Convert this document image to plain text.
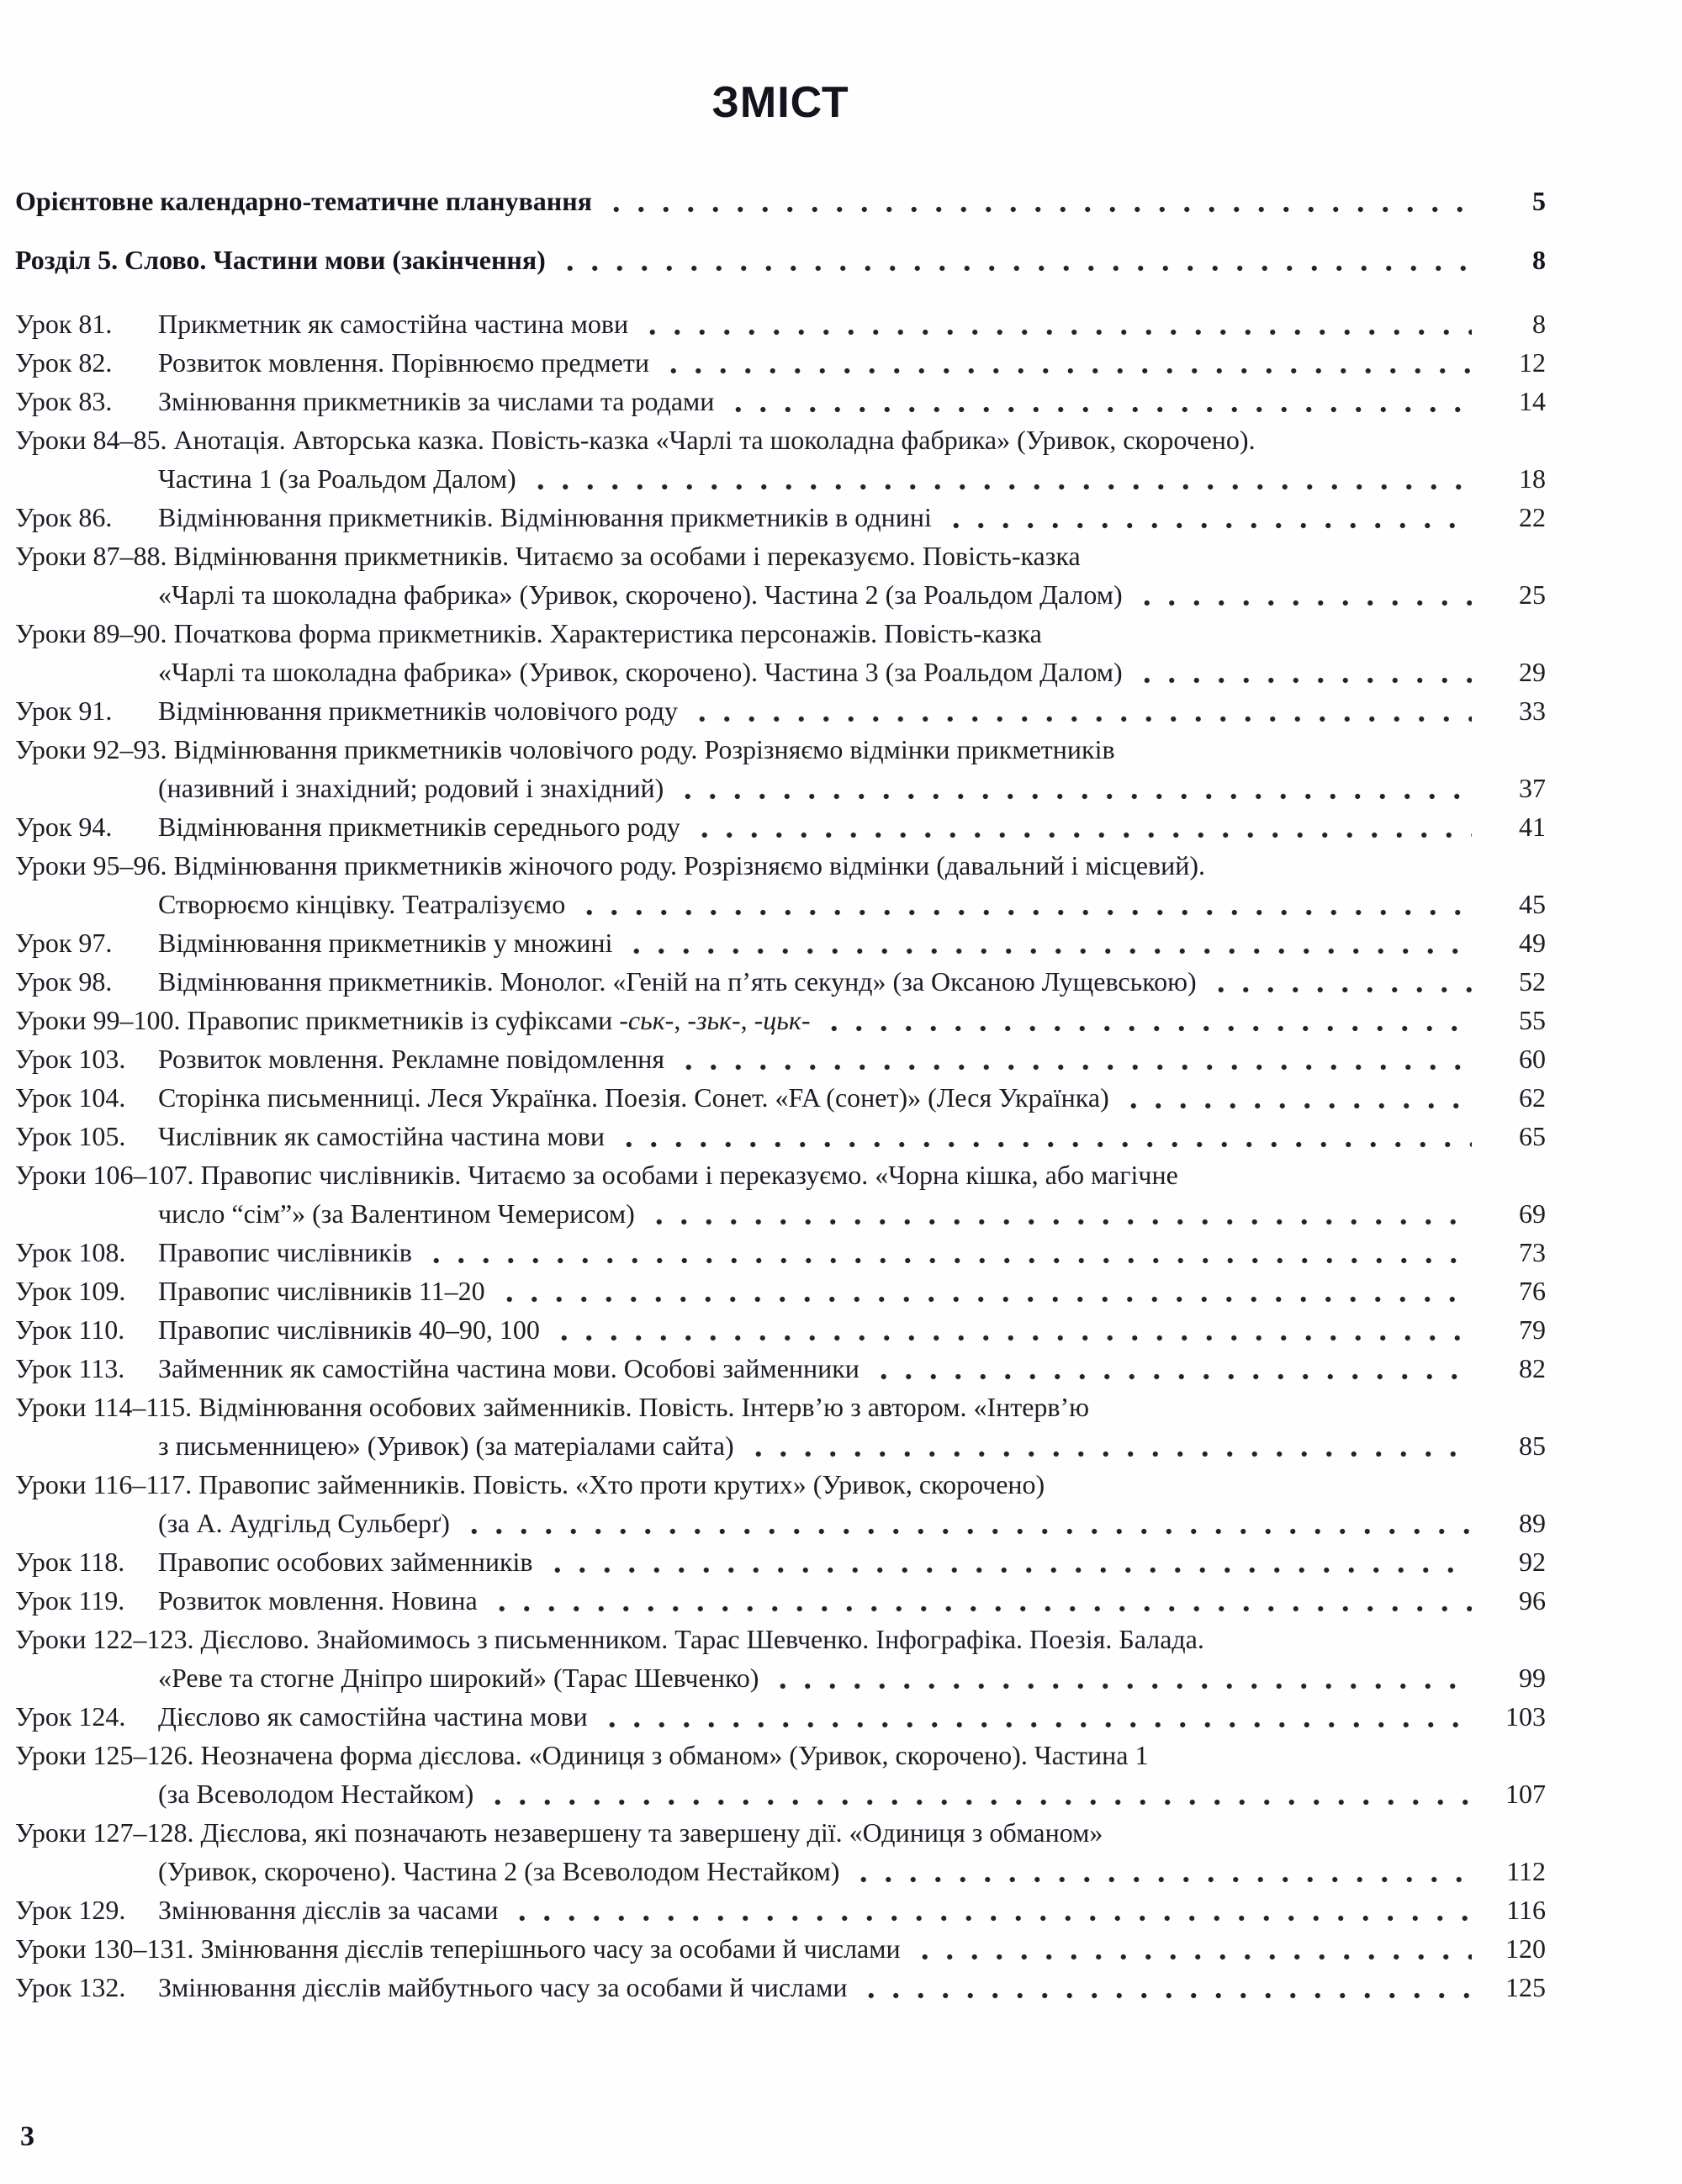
ЗМІСТ
Орієнтовне календарно-тематичне планування	5
Розділ 5. Слово. Частини мови (закінчення)	8
Урок 81.	Прикметник як самостійна частина мови	8
Урок 82.	Розвиток мовлення. Порівнюємо предмети	12
Урок 83.	Змінювання прикметників за числами та родами	14
Уроки 84–85. Анотація. Авторська казка. Повість-казка «Чарлі та шоколадна фабрика» (Уривок, скорочено).
Частина 1 (за Роальдом Далом)	18
Урок 86.	Відмінювання прикметників. Відмінювання прикметників в однині	22
Уроки 87–88. Відмінювання прикметників. Читаємо за особами і переказуємо. Повість-казка
«Чарлі та шоколадна фабрика» (Уривок, скорочено). Частина 2 (за Роальдом Далом)	25
Уроки 89–90. Початкова форма прикметників. Характеристика персонажів. Повість-казка
«Чарлі та шоколадна фабрика» (Уривок, скорочено). Частина 3 (за Роальдом Далом)	29
Урок 91.	Відмінювання прикметників чоловічого роду	33
Уроки 92–93. Відмінювання прикметників чоловічого роду. Розрізняємо відмінки прикметників
(називний і знахідний; родовий і знахідний)	37
Урок 94.	Відмінювання прикметників середнього роду	41
Уроки 95–96. Відмінювання прикметників жіночого роду. Розрізняємо відмінки (давальний і місцевий).
Створюємо кінцівку. Театралізуємо	45
Урок 97.	Відмінювання прикметників у множині	49
Урок 98.	Відмінювання прикметників. Монолог. «Геній на п’ять секунд» (за Оксаною Лущевською)	52
Уроки 99–100. Правопис прикметників із суфіксами -ськ-, -зьк-, -цьк-	55
Урок 103.	Розвиток мовлення. Рекламне повідомлення	60
Урок 104.	Сторінка письменниці. Леся Українка. Поезія. Сонет. «FA (сонет)» (Леся Українка)	62
Урок 105.	Числівник як самостійна частина мови	65
Уроки 106–107. Правопис числівників. Читаємо за особами і переказуємо. «Чорна кішка, або магічне
число “сім”» (за Валентином Чемерисом)	69
Урок 108.	Правопис числівників	73
Урок 109.	Правопис числівників 11–20	76
Урок 110.	Правопис числівників 40–90, 100	79
Урок 113.	Займенник як самостійна частина мови. Особові займенники	82
Уроки 114–115. Відмінювання особових займенників. Повість. Інтерв’ю з автором. «Інтерв’ю
з письменницею» (Уривок) (за матеріалами сайта)	85
Уроки 116–117. Правопис займенників. Повість. «Хто проти крутих» (Уривок, скорочено)
(за А. Аудгільд Сульберґ)	89
Урок 118.	Правопис особових займенників	92
Урок 119.	Розвиток мовлення. Новина	96
Уроки 122–123. Дієслово. Знайомимось з письменником. Тарас Шевченко. Інфографіка. Поезія. Балада.
«Реве та стогне Дніпро широкий» (Тарас Шевченко)	99
Урок 124.	Дієслово як самостійна частина мови	103
Уроки 125–126. Неозначена форма дієслова. «Одиниця з обманом» (Уривок, скорочено). Частина 1
(за Всеволодом Нестайком)	107
Уроки 127–128. Дієслова, які позначають незавершену та завершену дії. «Одиниця з обманом»
(Уривок, скорочено). Частина 2 (за Всеволодом Нестайком)	112
Урок 129.	Змінювання дієслів за часами	116
Уроки 130–131. Змінювання дієслів теперішнього часу за особами й числами	120
Урок 132.	Змінювання дієслів майбутнього часу за особами й числами	125
3
